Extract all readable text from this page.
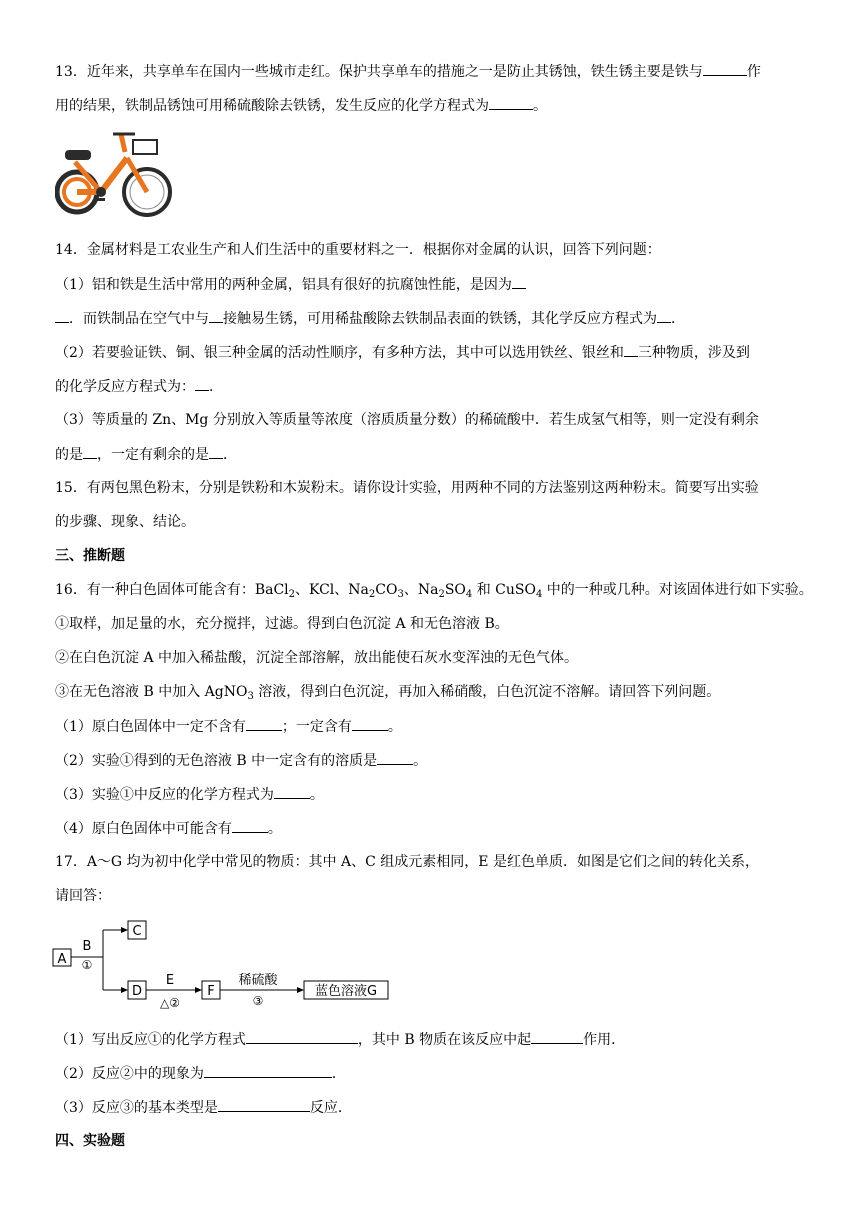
13．近年来，共享单车在国内一些城市走红。保护共享单车的措施之一是防止其锈蚀，铁生锈主要是铁与	作
用的结果，铁制品锈蚀可用稀硫酸除去铁锈，发生反应的化学方程式为	。
14．金属材料是工农业生产和人们生活中的重要材料之一．根据你对金属的认识，回答下列问题：
（1）铝和铁是生活中常用的两种金属，铝具有很好的抗腐蚀性能，是因为
．而铁制品在空气中与 接触易生锈，可用稀盐酸除去铁制品表面的铁锈，其化学反应方程式为 ．
（2）若要验证铁、铜、银三种金属的活动性顺序，有多种方法，其中可以选用铁丝、银丝和 三种物质，涉及到
的化学反应方程式为： ．
（3）等质量的 Zn、Mg 分别放入等质量等浓度（溶质质量分数）的稀硫酸中．若生成氢气相等，则一定没有剩余
的是 ，一定有剩余的是 ．
15．有两包黑色粉末，分别是铁粉和木炭粉末。请你设计实验，用两种不同的方法鉴别这两种粉末。简要写出实验
的步骤、现象、结论。
三、推断题
16．有一种白色固体可能含有：BaCl$_2$、KCl、$Na_2CO_3$、$Na_2SO_4$ 和 CuSO$_4$ 中的一种或几种。对该固体进行如下实验。
①取样，加足量的水，充分搅拌，过滤。得到白色沉淀 A 和无色溶液 B。
②在白色沉淀 A 中加入稀盐酸，沉淀全部溶解，放出能使石灰水变浑浊的无色气体。
③在无色溶液 B 中加入 AgNO$_3$ 溶液，得到白色沉淀，再加入稀硝酸，白色沉淀不溶解。请回答下列问题。
（1）原白色固体中一定不含有	；一定含有	。
（2）实验①得到的无色溶液 B 中一定含有的溶质是	。
（3）实验①中反应的化学方程式为	。
（4）原白色固体中可能含有	。
17．A～G 均为初中化学中常见的物质：其中 A、C 组成元素相同，E 是红色单质．如图是它们之间的转化关系，
请回答：
A
B
①
C
D
E
△②
F
稀硫酸
③
蓝色溶液G
（1）写出反应①的化学方程式	，其中 B 物质在该反应中起	作用．
（2）反应②中的现象为	．
（3）反应③的基本类型是	反应．
四、实验题
